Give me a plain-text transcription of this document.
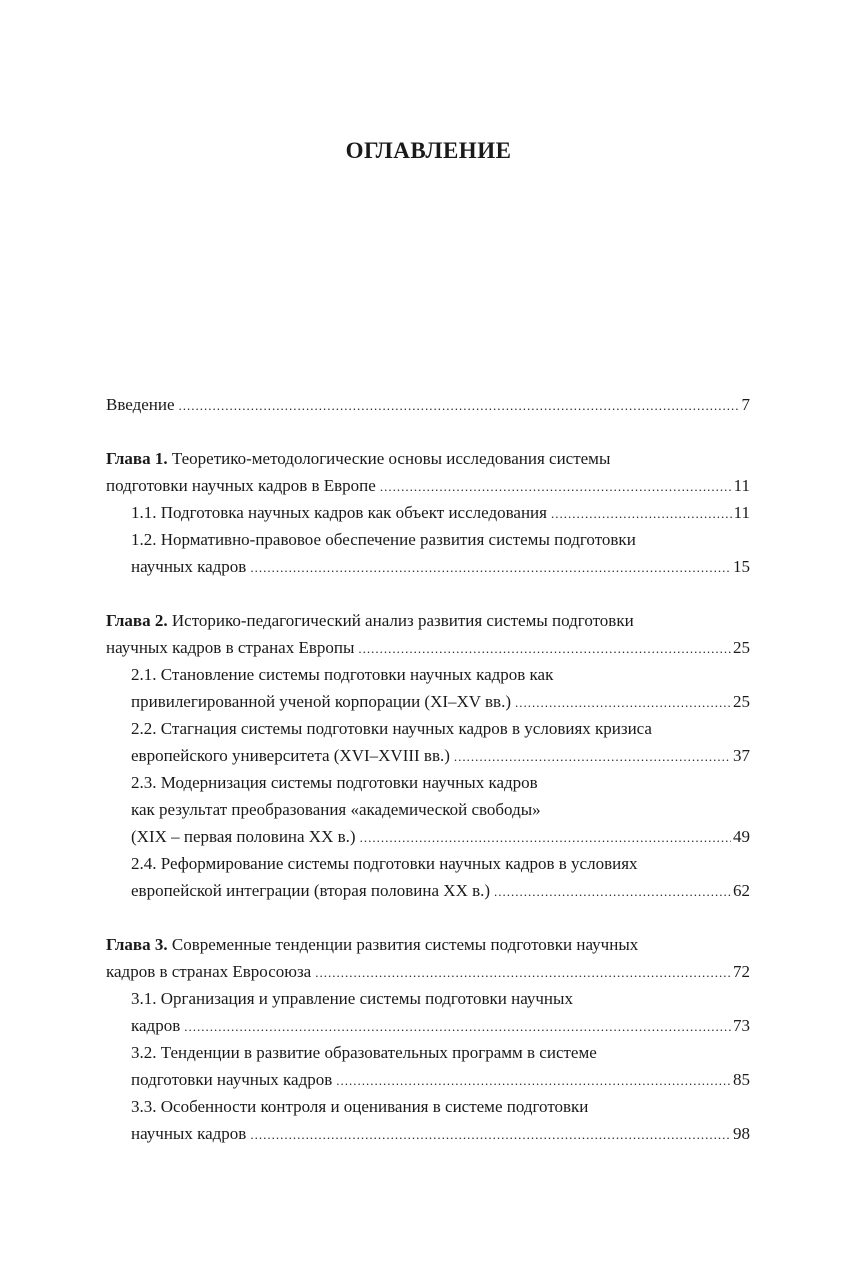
ОГЛАВЛЕНИЕ
Введение .....	7
Глава 1. Теоретико-методологические основы исследования системы
подготовки научных кадров в Европе .....	11
1.1. Подготовка научных кадров как объект исследования .....	11
1.2. Нормативно-правовое обеспечение развития системы подготовки
научных кадров .....	15
Глава 2. Историко-педагогический анализ развития системы подготовки
научных кадров в странах Европы .....	25
2.1. Становление системы подготовки научных кадров как
привилегированной ученой корпорации (XI–XV вв.) .....	25
2.2. Стагнация системы подготовки научных кадров в условиях кризиса
европейского университета (XVI–XVIII вв.) .....	37
2.3. Модернизация системы подготовки научных кадров
как результат преобразования «академической свободы»
(XIX – первая половина XX в.) .....	49
2.4. Реформирование системы подготовки научных кадров в условиях
европейской интеграции (вторая половина XX в.) .....	62
Глава 3. Современные тенденции развития системы подготовки научных
кадров в странах Евросоюза .....	72
3.1. Организация и управление системы подготовки научных
кадров .....	73
3.2. Тенденции в развитие образовательных программ в системе
подготовки научных кадров .....	85
3.3. Особенности контроля и оценивания в системе подготовки
научных кадров .....	98
